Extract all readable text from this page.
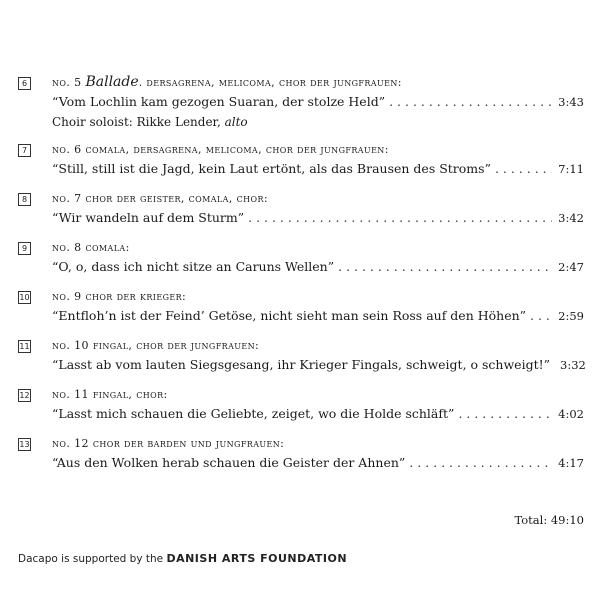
6	no. 5 Ballade. dersagrena, melicoma, chor der jungfrauen:
“Vom Lochlin kam gezogen Suaran, der stolze Held” . . .	3:43
Choir soloist: Rikke Lender, alto
7	no. 6 comala, dersagrena, melicoma, chor der jungfrauen:
“Still, still ist die Jagd, kein Laut ertönt, als das Brausen des Stroms” . . .	7:11
8	no. 7 chor der geister, comala, chor:
“Wir wandeln auf dem Sturm” . . .	3:42
9	no. 8 comala:
“O, o, dass ich nicht sitze an Caruns Wellen” . . .	2:47
10 no. 9 chor der krieger:
“Entfloh’n ist der Feind’ Getöse, nicht sieht man sein Ross auf den Höhen” . . .	2:59
11 no. 10 fingal, chor der jungfrauen:
“Lasst ab vom lauten Siegsgesang, ihr Krieger Fingals, schweigt, o schweigt!” 3:32
12 no. 11 fingal, chor:
“Lasst mich schauen die Geliebte, zeiget, wo die Holde schläft” . . .	4:02
13 no. 12 chor der barden und jungfrauen:
“Aus den Wolken herab schauen die Geister der Ahnen” . . .	4:17
Total: 49:10
Dacapo is supported by the DANISH ARTS FOUNDATION
